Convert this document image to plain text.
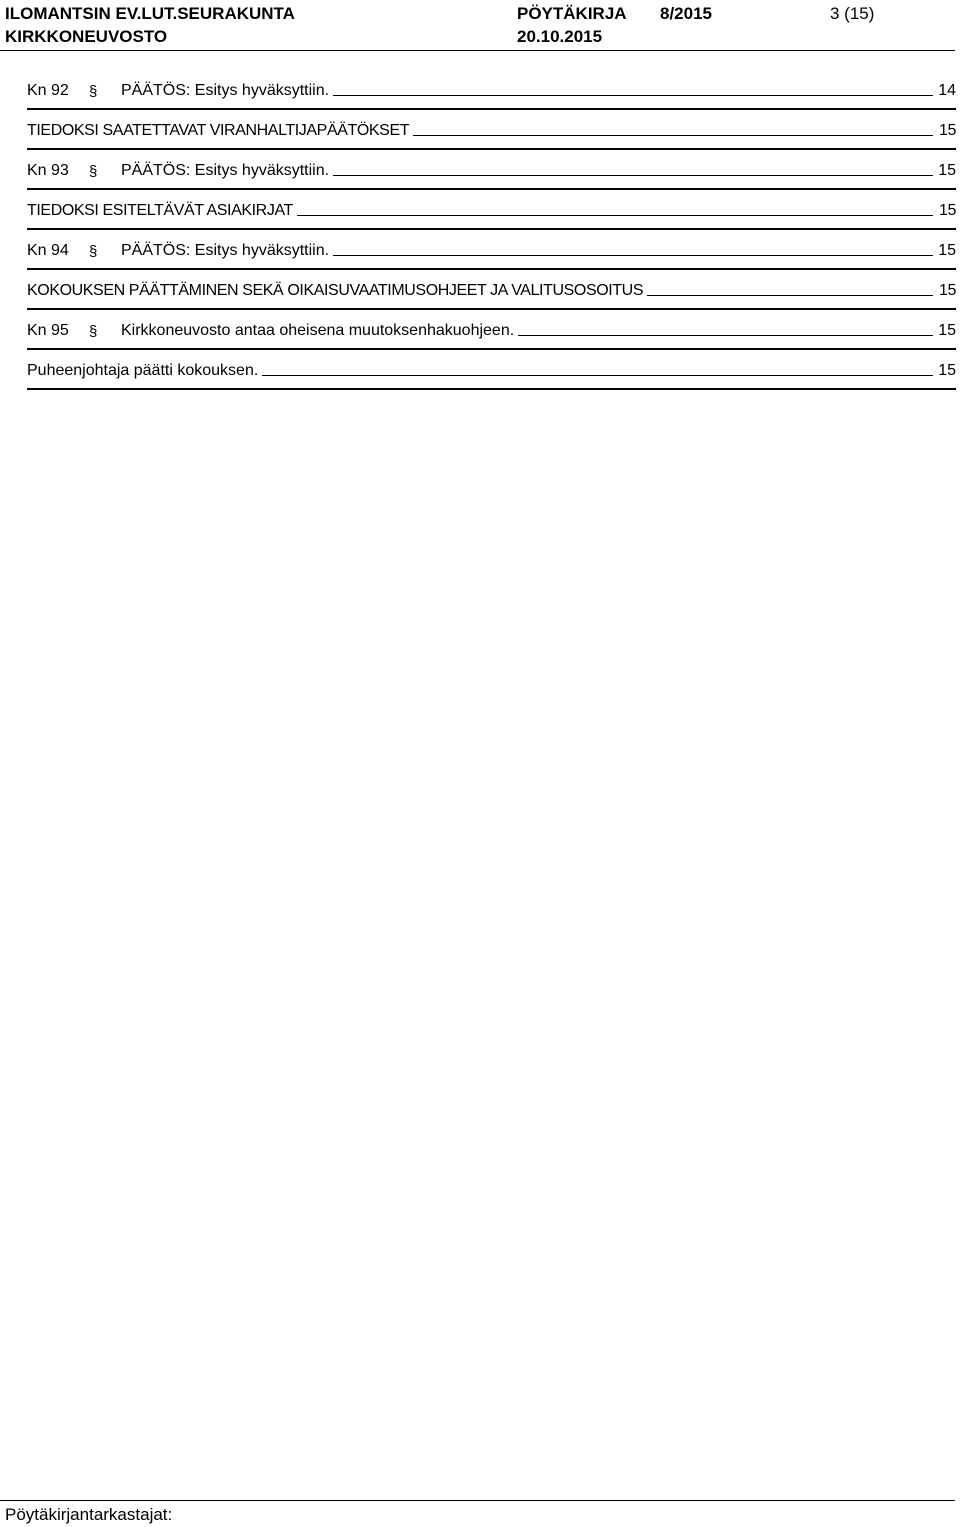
ILOMANTSIN EV.LUT.SEURAKUNTA
KIRKKONEUVOSTO
PÖYTÄKIRJA 8/2015
20.10.2015
3 (15)
Kn 92	§	PÄÄTÖS: Esitys hyväksyttiin.	14
TIEDOKSI SAATETTAVAT VIRANHALTIJAPÄÄTÖKSET	15
Kn 93	§	PÄÄTÖS: Esitys hyväksyttiin.	15
TIEDOKSI ESITELTÄVÄT ASIAKIRJAT	15
Kn 94	§	PÄÄTÖS: Esitys hyväksyttiin.	15
KOKOUKSEN PÄÄTTÄMINEN SEKÄ OIKAISUVAATIMUSOHJEET JA VALITUSOSOITUS	15
Kn 95	§	Kirkkoneuvosto antaa oheisena muutoksenhakuohjeen.	15
Puheenjohtaja päätti kokouksen.	15
Pöytäkirjantarkastajat:
